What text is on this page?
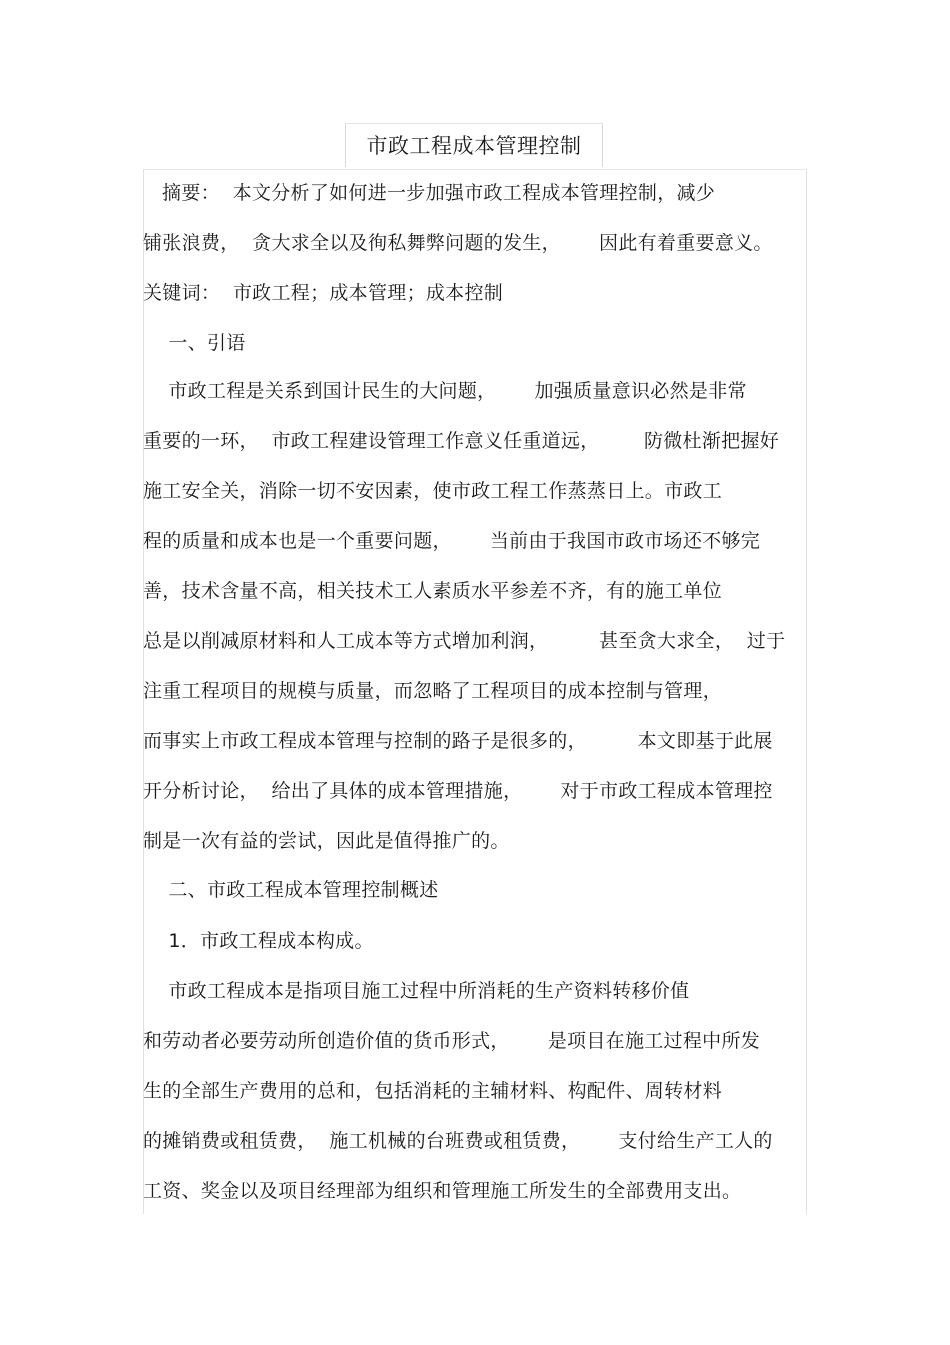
市政工程成本管理控制
摘要：  本文分析了如何进一步加强市政工程成本管理控制，减少
铺张浪费，  贪大求全以及徇私舞弊问题的发生，      因此有着重要意义。
关键词：  市政工程；成本管理；成本控制
一、引语
市政工程是关系到国计民生的大问题，      加强质量意识必然是非常
重要的一环，  市政工程建设管理工作意义任重道远，       防微杜渐把握好
施工安全关，消除一切不安因素，使市政工程工作蒸蒸日上。市政工
程的质量和成本也是一个重要问题，      当前由于我国市政市场还不够完
善，技术含量不高，相关技术工人素质水平参差不齐，有的施工单位
总是以削减原材料和人工成本等方式增加利润，        甚至贪大求全，  过于
注重工程项目的规模与质量，而忽略了工程项目的成本控制与管理，
而事实上市政工程成本管理与控制的路子是很多的，        本文即基于此展
开分析讨论，  给出了具体的成本管理措施，      对于市政工程成本管理控
制是一次有益的尝试，因此是值得推广的。
二、市政工程成本管理控制概述
1．市政工程成本构成。
市政工程成本是指项目施工过程中所消耗的生产资料转移价值
和劳动者必要劳动所创造价值的货币形式，      是项目在施工过程中所发
生的全部生产费用的总和，包括消耗的主辅材料、构配件、周转材料
的摊销费或租赁费，  施工机械的台班费或租赁费，      支付给生产工人的
工资、奖金以及项目经理部为组织和管理施工所发生的全部费用支出。
